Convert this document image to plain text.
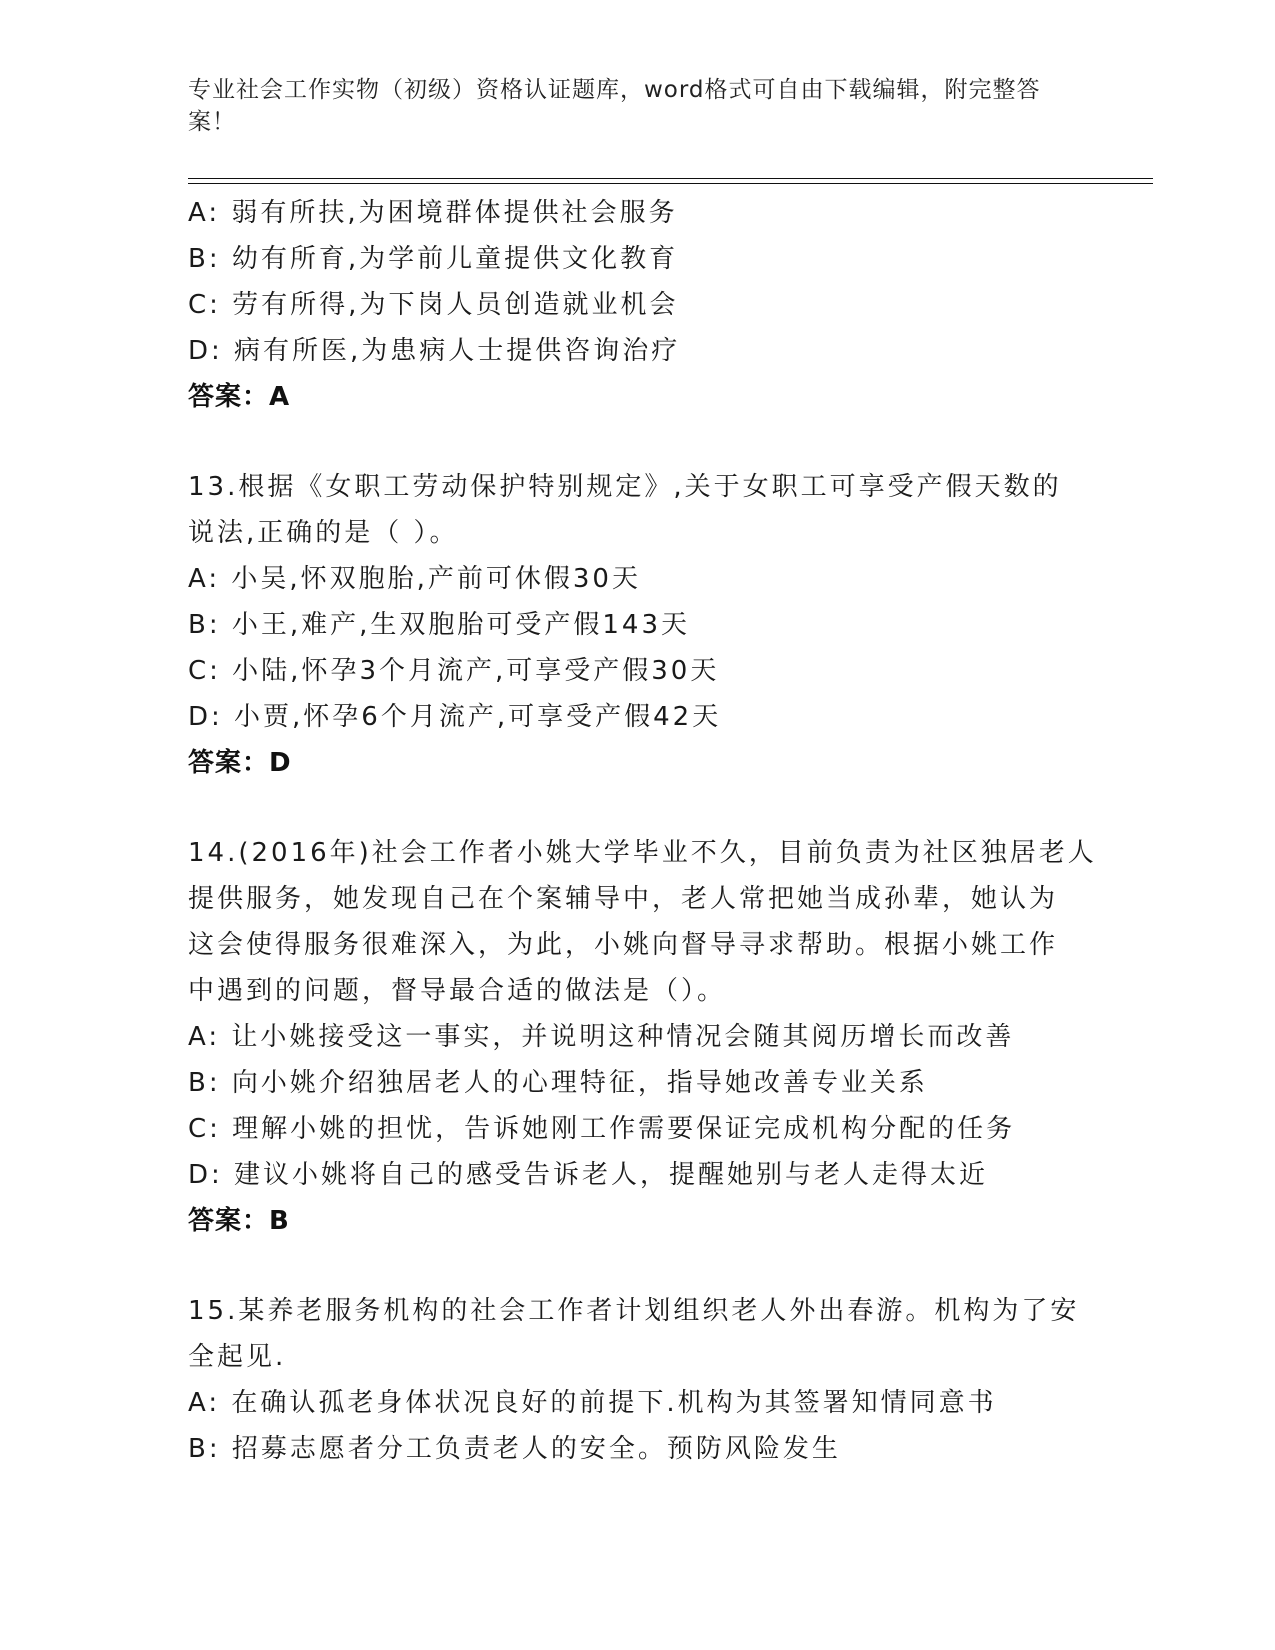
专业社会工作实物（初级）资格认证题库，word格式可自由下载编辑，附完整答
案！
A: 弱有所扶,为困境群体提供社会服务
B: 幼有所育,为学前儿童提供文化教育
C: 劳有所得,为下岗人员创造就业机会
D: 病有所医,为患病人士提供咨询治疗
答案：A
13.根据《女职工劳动保护特别规定》,关于女职工可享受产假天数的
说法,正确的是（ ）。
A: 小吴,怀双胞胎,产前可休假30天
B: 小王,难产,生双胞胎可受产假143天
C: 小陆,怀孕3个月流产,可享受产假30天
D: 小贾,怀孕6个月流产,可享受产假42天
答案：D
14.(2016年)社会工作者小姚大学毕业不久，目前负责为社区独居老人
提供服务，她发现自己在个案辅导中，老人常把她当成孙辈，她认为
这会使得服务很难深入，为此，小姚向督导寻求帮助。根据小姚工作
中遇到的问题，督导最合适的做法是（）。
A: 让小姚接受这一事实，并说明这种情况会随其阅历增长而改善
B: 向小姚介绍独居老人的心理特征，指导她改善专业关系
C: 理解小姚的担忧，告诉她刚工作需要保证完成机构分配的任务
D: 建议小姚将自己的感受告诉老人，提醒她别与老人走得太近
答案：B
15.某养老服务机构的社会工作者计划组织老人外出春游。机构为了安
全起见.
A: 在确认孤老身体状况良好的前提下.机构为其签署知情同意书
B: 招募志愿者分工负责老人的安全。预防风险发生
